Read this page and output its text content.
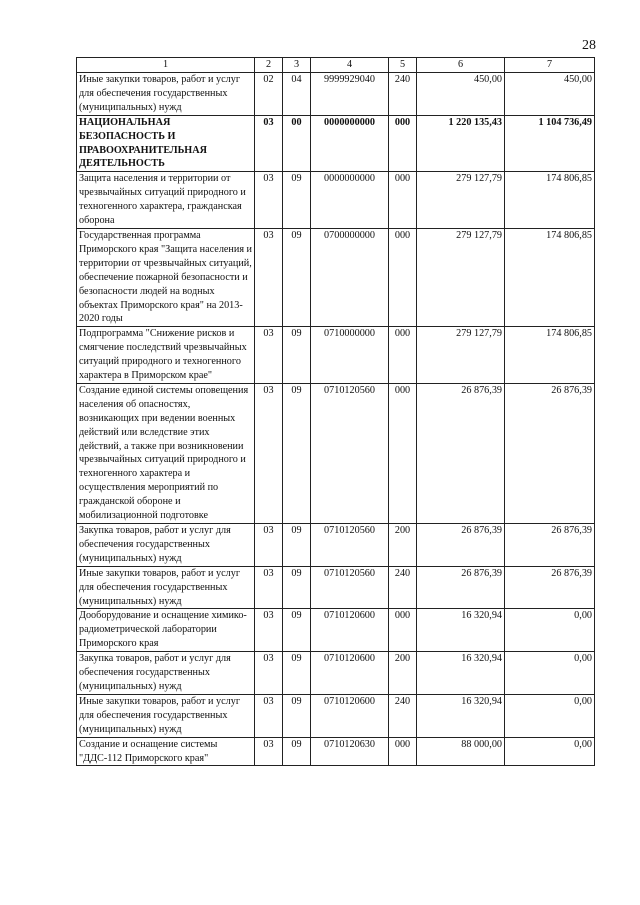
28
1	2	3	4	5	6	7
Иные закупки товаров, работ и услуг для обеспечения государственных (муниципальных) нужд	02	04	9999929040	240	450,00	450,00
НАЦИОНАЛЬНАЯ БЕЗОПАСНОСТЬ И ПРАВООХРАНИТЕЛЬНАЯ ДЕЯТЕЛЬНОСТЬ	03	00	0000000000	000	1 220 135,43	1 104 736,49
Защита населения и территории от чрезвычайных ситуаций природного и техногенного характера, гражданская оборона	03	09	0000000000	000	279 127,79	174 806,85
Государственная программа Приморского края "Защита населения и территории от чрезвычайных ситуаций, обеспечение пожарной безопасности и безопасности людей на водных объектах Приморского края" на 2013-2020 годы	03	09	0700000000	000	279 127,79	174 806,85
Подпрограмма "Снижение рисков и смягчение последствий чрезвычайных ситуаций природного и техногенного характера в Приморском крае"	03	09	0710000000	000	279 127,79	174 806,85
Создание единой системы оповещения населения об опасностях, возникающих при ведении военных действий или вследствие этих действий, а также при возникновении чрезвычайных ситуаций природного и техногенного характера и осуществления мероприятий по гражданской обороне и мобилизационной подготовке	03	09	0710120560	000	26 876,39	26 876,39
Закупка товаров, работ и услуг для обеспечения государственных (муниципальных) нужд	03	09	0710120560	200	26 876,39	26 876,39
Иные закупки товаров, работ и услуг для обеспечения государственных (муниципальных) нужд	03	09	0710120560	240	26 876,39	26 876,39
Дооборудование и оснащение химико-радиометрической лаборатории Приморского края	03	09	0710120600	000	16 320,94	0,00
Закупка товаров, работ и услуг для обеспечения государственных (муниципальных) нужд	03	09	0710120600	200	16 320,94	0,00
Иные закупки товаров, работ и услуг для обеспечения государственных (муниципальных) нужд	03	09	0710120600	240	16 320,94	0,00
Создание и оснащение системы "ДДС-112 Приморского края"	03	09	0710120630	000	88 000,00	0,00
